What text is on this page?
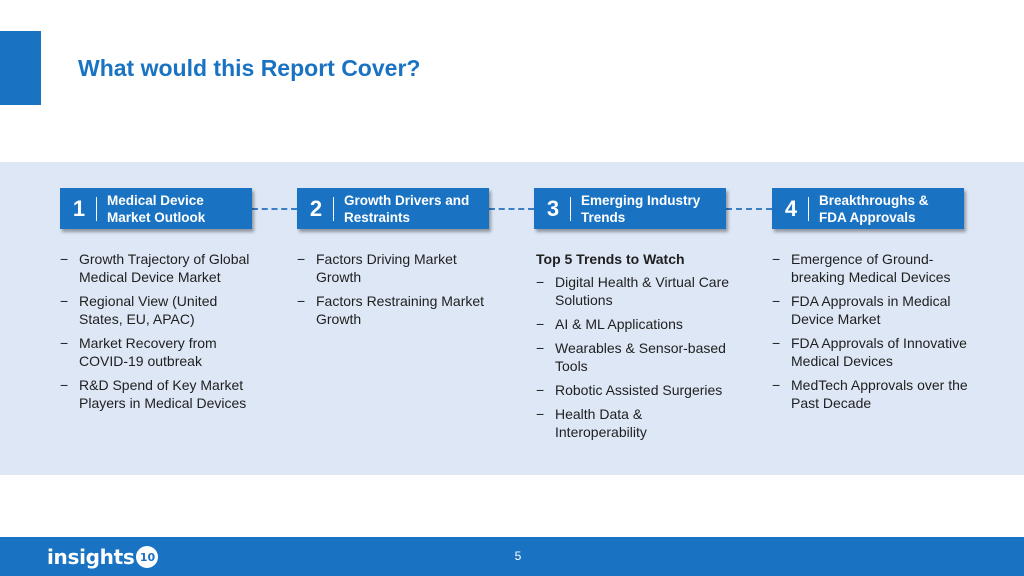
What would this Report Cover?
1	Medical Device Market Outlook
− Growth Trajectory of Global Medical Device Market
− Regional View (United States, EU, APAC)
− Market Recovery from COVID-19 outbreak
− R&D Spend of Key Market Players in Medical Devices
2	Growth Drivers and Restraints
− Factors Driving Market Growth
− Factors Restraining Market Growth
3	Emerging Industry Trends
Top 5 Trends to Watch
− Digital Health & Virtual Care Solutions
− AI & ML Applications
− Wearables & Sensor-based Tools
− Robotic Assisted Surgeries
− Health Data & Interoperability
4	Breakthroughs & FDA Approvals
− Emergence of Ground-breaking Medical Devices
− FDA Approvals in Medical Device Market
− FDA Approvals of Innovative Medical Devices
− MedTech Approvals over the Past Decade
insights 10	5
